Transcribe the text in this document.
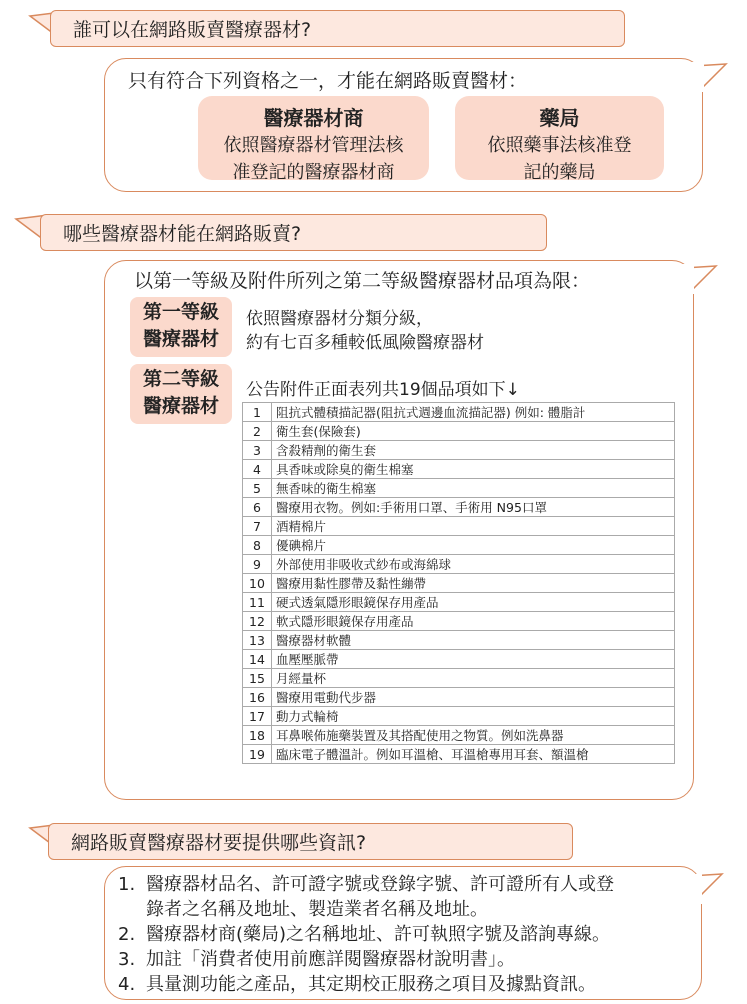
誰可以在網路販賣醫療器材?
只有符合下列資格之一，才能在網路販賣醫材：
醫療器材商
依照醫療器材管理法核
准登記的醫療器材商
藥局
依照藥事法核准登
記的藥局
哪些醫療器材能在網路販賣?
以第一等級及附件所列之第二等級醫療器材品項為限：
第一等級
醫療器材
依照醫療器材分類分級，
約有七百多種較低風險醫療器材
第二等級
醫療器材
公告附件正面表列共19個品項如下↓
1	阻抗式體積描記器(阻抗式週邊血流描記器) 例如: 體脂計
2	衛生套(保險套)
3	含殺精劑的衛生套
4	具香味或除臭的衛生棉塞
5	無香味的衛生棉塞
6	醫療用衣物。例如:手術用口罩、手術用 N95口罩
7	酒精棉片
8	優碘棉片
9	外部使用非吸收式紗布或海綿球
10	醫療用黏性膠帶及黏性繃帶
11	硬式透氣隱形眼鏡保存用產品
12	軟式隱形眼鏡保存用產品
13	醫療器材軟體
14	血壓壓脈帶
15	月經量杯
16	醫療用電動代步器
17	動力式輪椅
18	耳鼻喉佈施藥裝置及其搭配使用之物質。例如洗鼻器
19	臨床電子體溫計。例如耳溫槍、耳溫槍專用耳套、額溫槍
網路販賣醫療器材要提供哪些資訊?
1. 醫療器材品名、許可證字號或登錄字號、許可證所有人或登
錄者之名稱及地址、製造業者名稱及地址。
2. 醫療器材商(藥局)之名稱地址、許可執照字號及諮詢專線。
3. 加註「消費者使用前應詳閱醫療器材說明書」。
4. 具量測功能之產品，其定期校正服務之項目及據點資訊。
